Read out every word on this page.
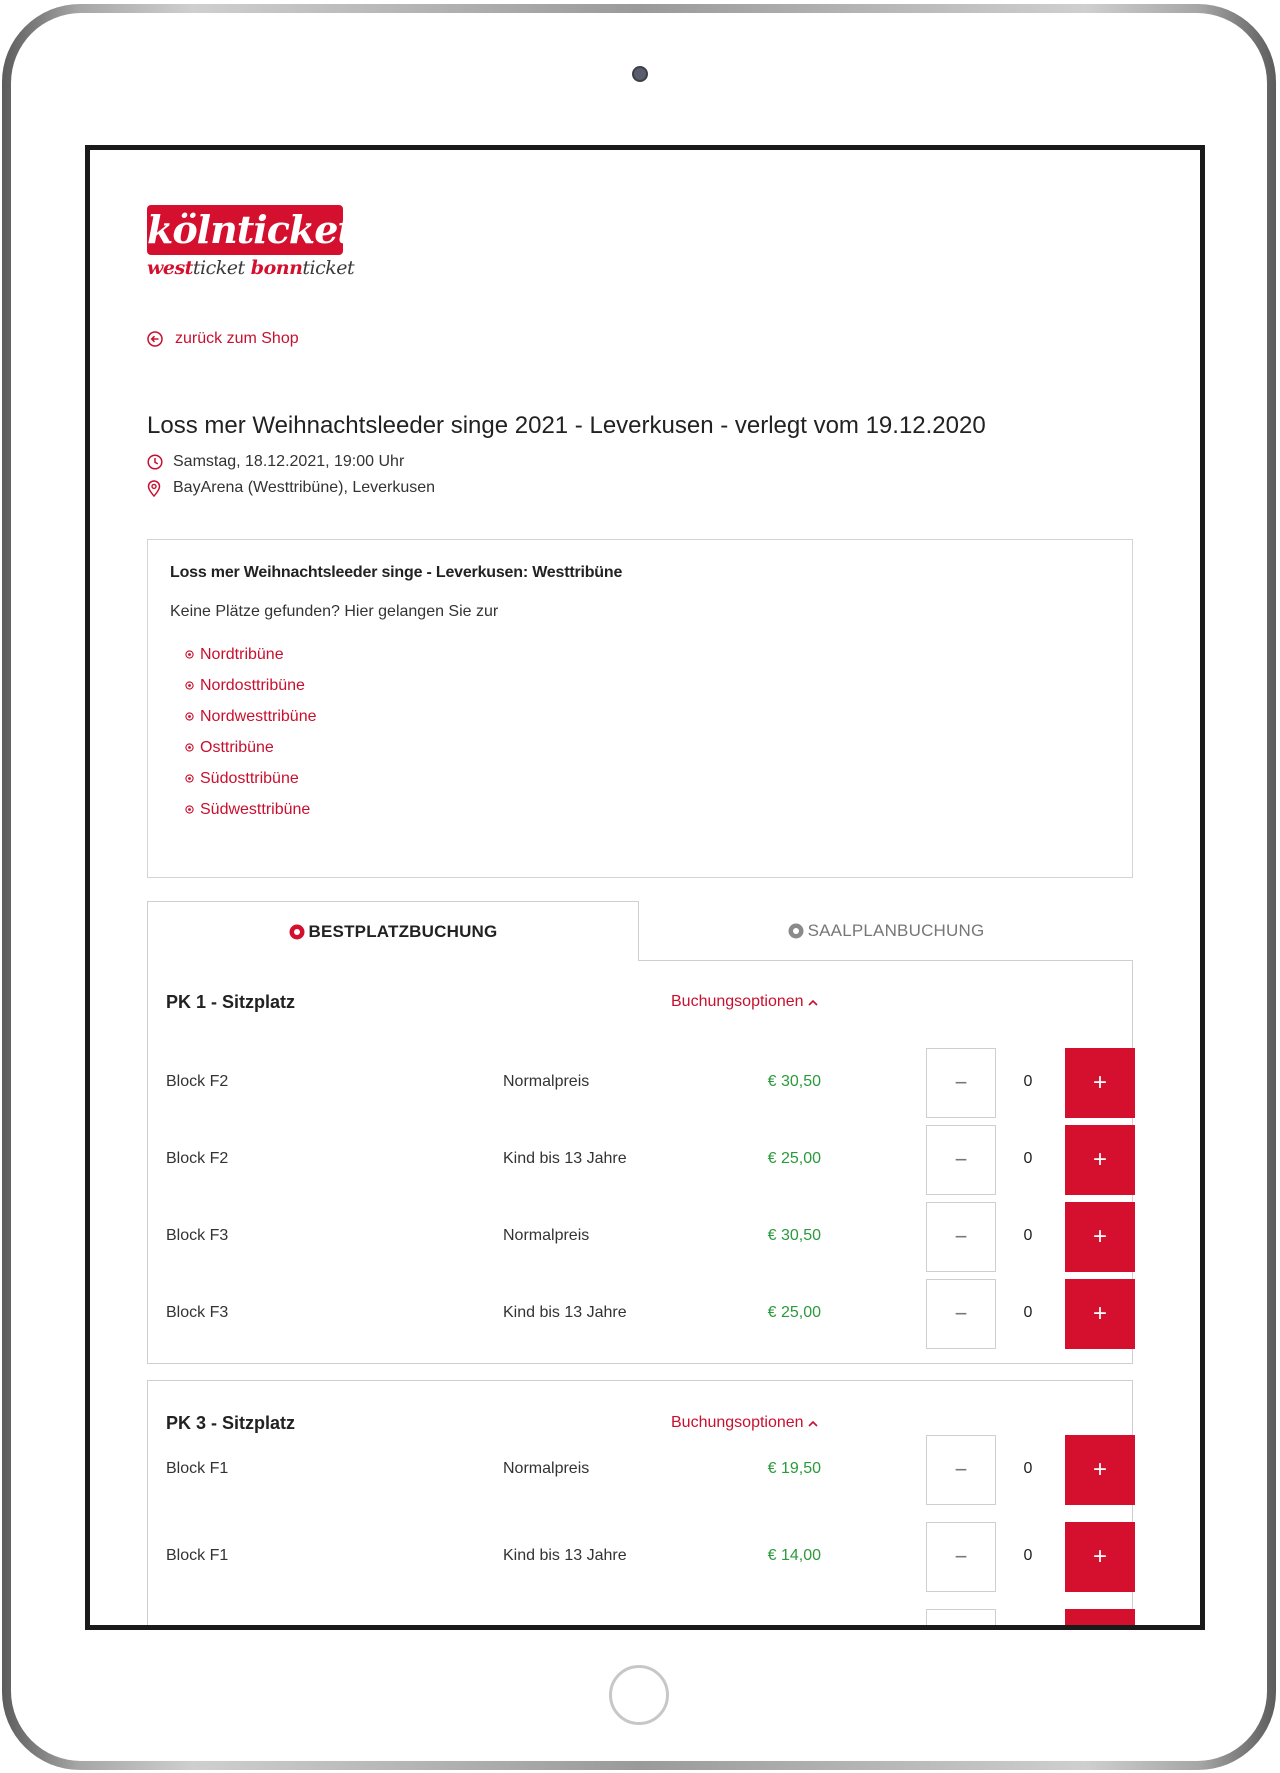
kölnticket
westticket bonnticket
zurück zum Shop
Loss mer Weihnachtsleeder singe 2021 - Leverkusen - verlegt vom 19.12.2020
Samstag, 18.12.2021, 19:00 Uhr
BayArena (Westtribüne), Leverkusen

Loss mer Weihnachtsleeder singe - Leverkusen: Westtribüne

Keine Plätze gefunden? Hier gelangen Sie zur

Nordtribüne
Nordosttribüne
Nordwesttribüne
Osttribüne
Südosttribüne
Südwesttribüne
BESTPLATZBUCHUNG	SAALPLANBUCHUNG
PK 1 - Sitzplatz	Buchungsoptionen
Block F2	Normalpreis	€ 30,50	−	0	+
Block F2	Kind bis 13 Jahre	€ 25,00	−	0	+
Block F3	Normalpreis	€ 30,50	−	0	+
Block F3	Kind bis 13 Jahre	€ 25,00	−	0	+
PK 3 - Sitzplatz	Buchungsoptionen
Block F1	Normalpreis	€ 19,50	−	0	+
Block F1	Kind bis 13 Jahre	€ 14,00	−	0	+
